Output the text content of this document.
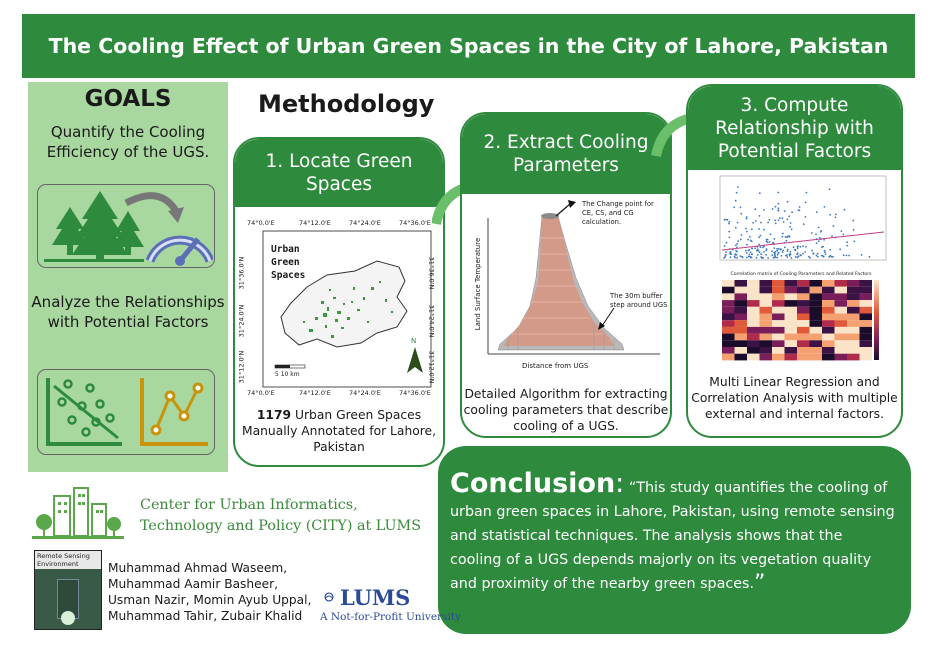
The Cooling Effect of Urban Green Spaces in the City of Lahore, Pakistan
GOALS
Quantify the Cooling Efficiency of the UGS.
Analyze the Relationships with Potential Factors
Methodology
1. Locate Green Spaces
N
Urban Green Spaces
74°0.0'E	74°12.0'E	74°24.0'E	74°36.0'E
74°0.0'E	74°12.0'E	74°24.0'E	74°36.0'E
31°36.0'N
31°24.0'N
31°12.0'N
31°36.0'N
31°24.0'N
31°12.0'N
5 10 km
1179 Urban Green Spaces Manually Annotated for Lahore, Pakistan
2. Extract Cooling Parameters
The Change point for CE, CS, and CG calculation.
The 30m buffer step around UGS
Distance from UGS
Land Surface Temperature
Detailed Algorithm for extracting cooling parameters that describe cooling of a UGS.
3. Compute Relationship with Potential Factors
Correlation matrix of Cooling Parameters and Related Factors
Multi Linear Regression and Correlation Analysis with multiple external and internal factors.
Conclusion: “This study quantifies the cooling of urban green spaces in Lahore, Pakistan, using remote sensing and statistical techniques. The analysis shows that the cooling of a UGS depends majorly on its vegetation quality and proximity of the nearby green spaces.”
Center for Urban Informatics,
Technology and Policy (CITY) at LUMS
Remote Sensing Environment	Muhammad Ahmad Waseem, Muhammad Aamir Basheer, Usman Nazir, Momin Ayub Uppal, Muhammad Tahir, Zubair Khalid
LUMS
A Not-for-Profit University
